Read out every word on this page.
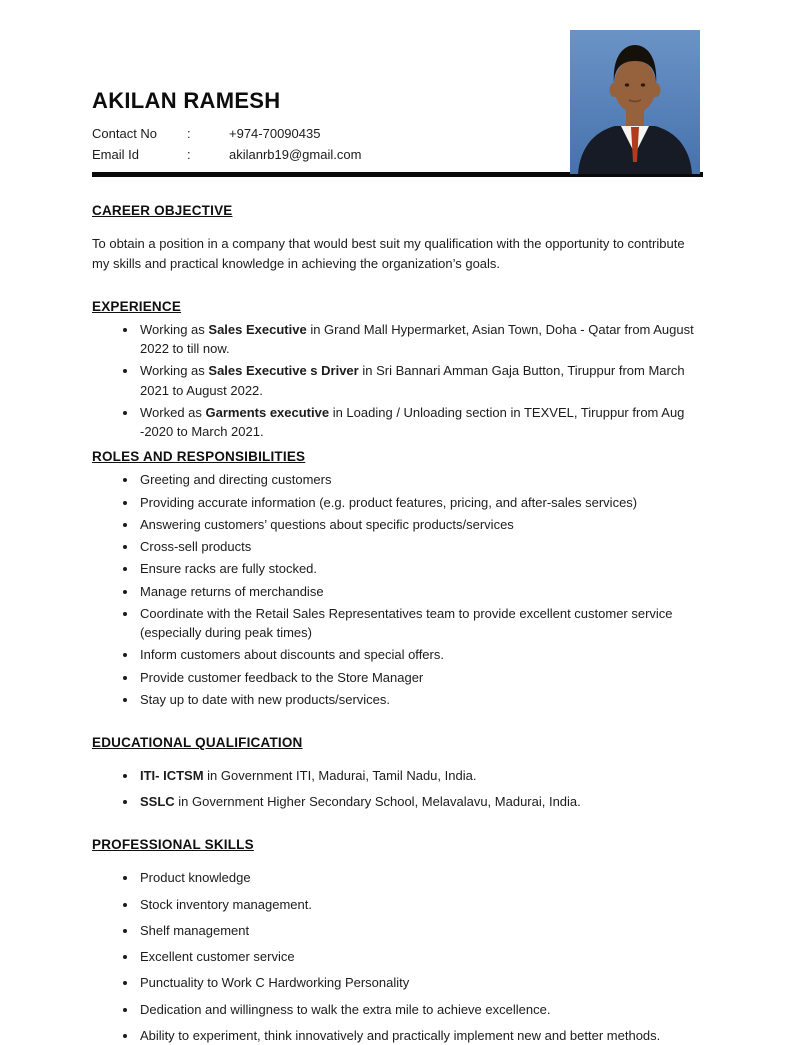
AKILAN RAMESH
Contact No	:	+974-70090435
Email Id	:	akilanrb19@gmail.com
CAREER OBJECTIVE

To obtain a position in a company that would best suit my qualification with the opportunity to contribute my skills and practical knowledge in achieving the organization’s goals.

EXPERIENCE
• Working as Sales Executive in Grand Mall Hypermarket, Asian Town, Doha - Qatar from August 2022 to till now.
• Working as Sales Executive s Driver in Sri Bannari Amman Gaja Button, Tiruppur from March 2021 to August 2022.
• Worked as Garments executive in Loading / Unloading section in TEXVEL, Tiruppur from Aug -2020 to March 2021.
ROLES AND RESPONSIBILITIES
• Greeting and directing customers
• Providing accurate information (e.g. product features, pricing, and after-sales services)
• Answering customers’ questions about specific products/services
• Cross-sell products
• Ensure racks are fully stocked.
• Manage returns of merchandise
• Coordinate with the Retail Sales Representatives team to provide excellent customer service (especially during peak times)
• Inform customers about discounts and special offers.
• Provide customer feedback to the Store Manager
• Stay up to date with new products/services.
EDUCATIONAL QUALIFICATION
• ITI- ICTSM in Government ITI, Madurai, Tamil Nadu, India.
• SSLC in Government Higher Secondary School, Melavalavu, Madurai, India.
PROFESSIONAL SKILLS
• Product knowledge
• Stock inventory management.
• Shelf management
• Excellent customer service
• Punctuality to Work C Hardworking Personality
• Dedication and willingness to walk the extra mile to achieve excellence.
• Ability to experiment, think innovatively and practically implement new and better methods.
